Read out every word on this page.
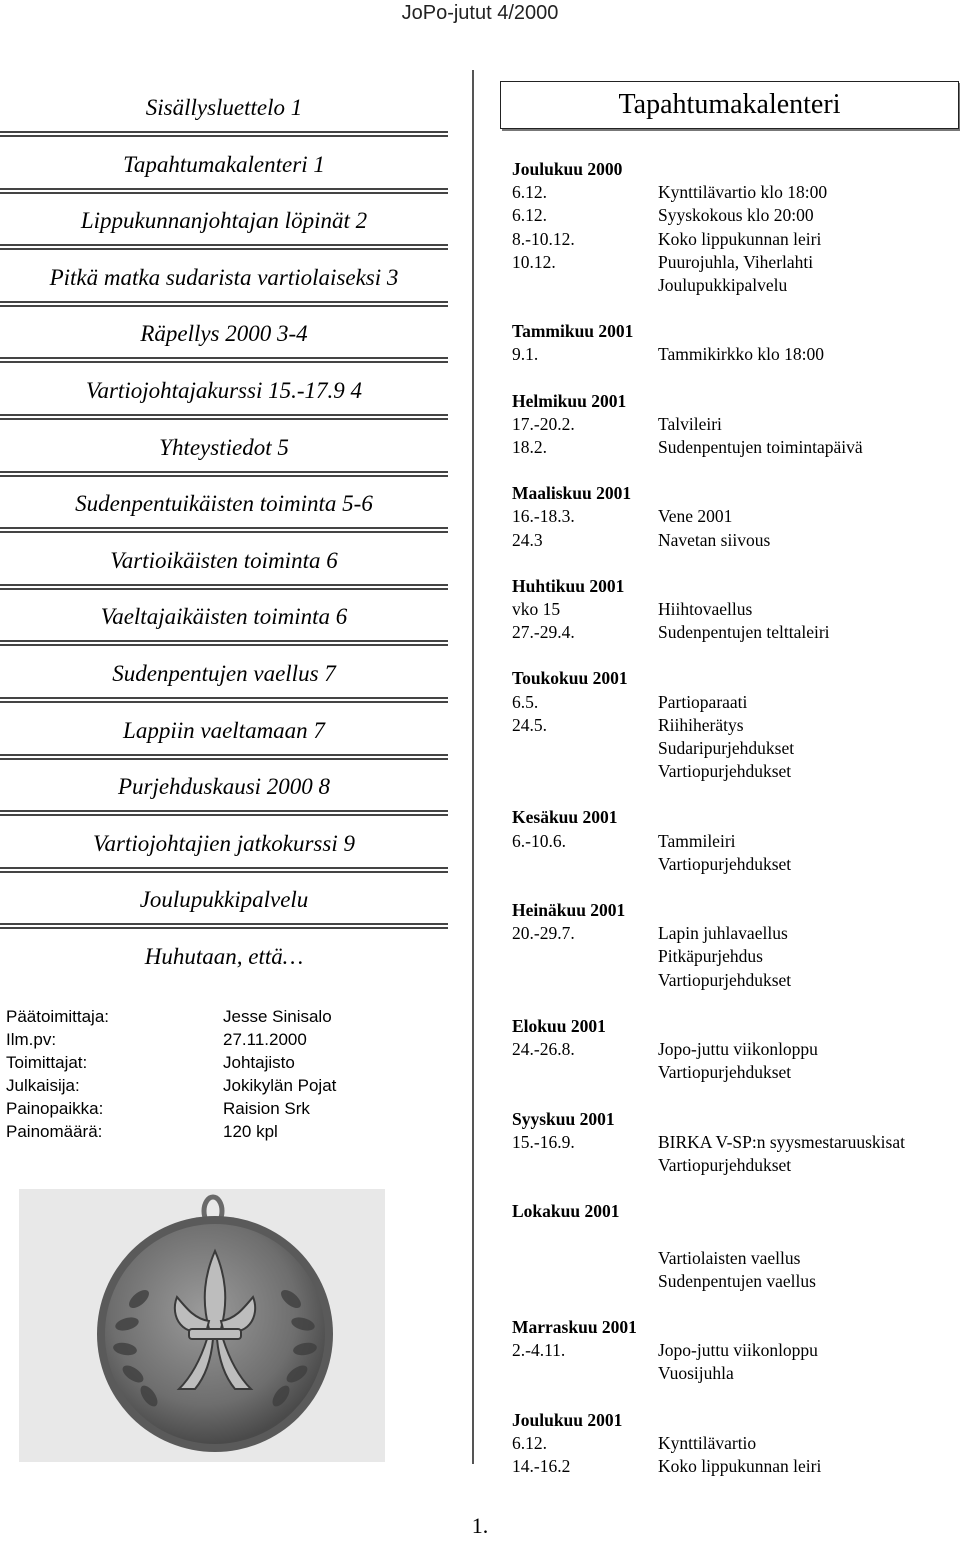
JoPo-jutut 4/2000
Sisällysluettelo 1
Tapahtumakalenteri 1
Lippukunnanjohtajan löpinät 2
Pitkä matka sudarista vartiolaiseksi 3
Räpellys 2000 3-4
Vartiojohtajakurssi 15.-17.9 4
Yhteystiedot 5
Sudenpentuikäisten toiminta 5-6
Vartioikäisten toiminta 6
Vaeltajaikäisten toiminta 6
Sudenpentujen vaellus 7
Lappiin vaeltamaan 7
Purjehduskausi 2000 8
Vartiojohtajien jatkokurssi 9
Joulupukkipalvelu
Huhutaan, että…
Päätoimittaja:	Jesse Sinisalo
Ilm.pv:	27.11.2000
Toimittajat:	Johtajisto
Julkaisija:	Jokikylän Pojat
Painopaikka:	Raision Srk
Painomäärä:	120 kpl
Tapahtumakalenteri
Joulukuu 2000
6.12.	Kynttilävartio klo 18:00
6.12.	Syyskokous klo 20:00
8.-10.12.	Koko lippukunnan leiri
10.12.	Puurojuhla, Viherlahti
Joulupukkipalvelu
Tammikuu 2001
9.1.	Tammikirkko klo 18:00
Helmikuu 2001
17.-20.2.	Talvileiri
18.2.	Sudenpentujen toimintapäivä
Maaliskuu 2001
16.-18.3.	Vene 2001
24.3	Navetan siivous
Huhtikuu 2001
vko 15	Hiihtovaellus
27.-29.4.	Sudenpentujen telttaleiri
Toukokuu 2001
6.5.	Partioparaati
24.5.	Riihiherätys
Sudaripurjehdukset
Vartiopurjehdukset
Kesäkuu 2001
6.-10.6.	Tammileiri
Vartiopurjehdukset
Heinäkuu 2001
20.-29.7.	Lapin juhlavaellus
Pitkäpurjehdus
Vartiopurjehdukset
Elokuu 2001
24.-26.8.	Jopo-juttu viikonloppu
Vartiopurjehdukset
Syyskuu 2001
15.-16.9.	BIRKA V-SP:n syysmestaruuskisat
Vartiopurjehdukset
Lokakuu 2001
Vartiolaisten vaellus
Sudenpentujen vaellus
Marraskuu 2001
2.-4.11.	Jopo-juttu viikonloppu
Vuosijuhla
Joulukuu 2001
6.12.	Kynttilävartio
14.-16.2	Koko lippukunnan leiri
1.
